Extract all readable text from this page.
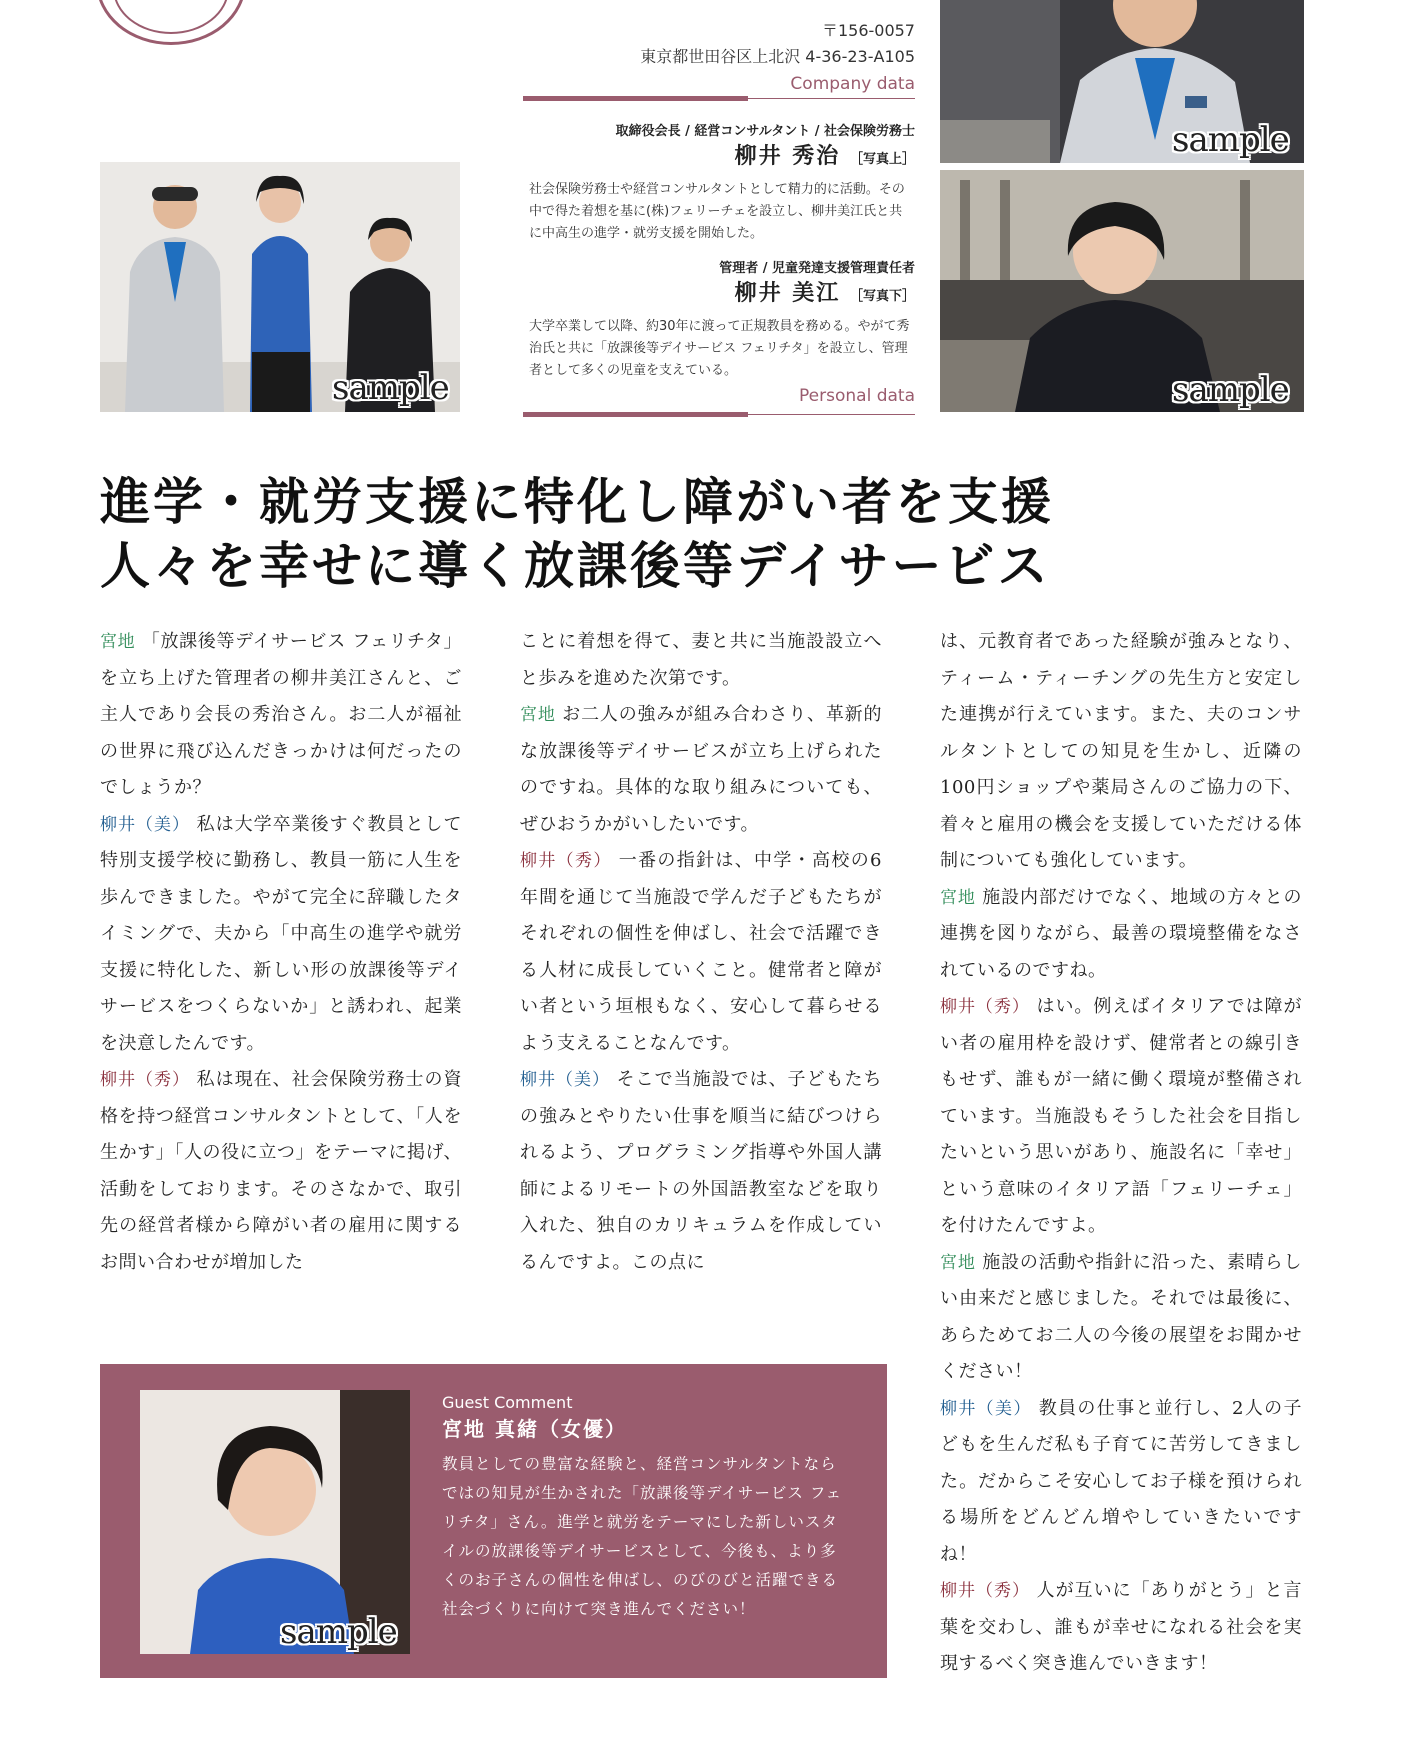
sample
〒156-0057
東京都世田谷区上北沢 4-36-23-A105
Company data
取締役会長 / 経営コンサルタント / 社会保険労務士
柳井 秀治 ［写真上］
社会保険労務士や経営コンサルタントとして精力的に活動。その中で得た着想を基に(株)フェリーチェを設立し、柳井美江氏と共に中高生の進学・就労支援を開始した。
管理者 / 児童発達支援管理責任者
柳井 美江 ［写真下］
大学卒業して以降、約30年に渡って正規教員を務める。やがて秀治氏と共に「放課後等デイサービス フェリチタ」を設立し、管理者として多くの児童を支えている。
Personal data
sample
sample
進学・就労支援に特化し障がい者を支援
人々を幸せに導く放課後等デイサービス
宮地 「放課後等デイサービス フェリチタ」を立ち上げた管理者の柳井美江さんと、ご主人であり会長の秀治さん。お二人が福祉の世界に飛び込んだきっかけは何だったのでしょうか？
柳井（美） 私は大学卒業後すぐ教員として特別支援学校に勤務し、教員一筋に人生を歩んできました。やがて完全に辞職したタイミングで、夫から「中高生の進学や就労支援に特化した、新しい形の放課後等デイサービスをつくらないか」と誘われ、起業を決意したんです。
柳井（秀） 私は現在、社会保険労務士の資格を持つ経営コンサルタントとして、「人を生かす」「人の役に立つ」をテーマに掲げ、活動をしております。そのさなかで、取引先の経営者様から障がい者の雇用に関するお問い合わせが増加した
ことに着想を得て、妻と共に当施設設立へと歩みを進めた次第です。
宮地 お二人の強みが組み合わさり、革新的な放課後等デイサービスが立ち上げられたのですね。具体的な取り組みについても、ぜひおうかがいしたいです。
柳井（秀） 一番の指針は、中学・高校の6年間を通じて当施設で学んだ子どもたちがそれぞれの個性を伸ばし、社会で活躍できる人材に成長していくこと。健常者と障がい者という垣根もなく、安心して暮らせるよう支えることなんです。
柳井（美） そこで当施設では、子どもたちの強みとやりたい仕事を順当に結びつけられるよう、プログラミング指導や外国人講師によるリモートの外国語教室などを取り入れた、独自のカリキュラムを作成しているんですよ。この点に
は、元教育者であった経験が強みとなり、ティーム・ティーチングの先生方と安定した連携が行えています。また、夫のコンサルタントとしての知見を生かし、近隣の100円ショップや薬局さんのご協力の下、着々と雇用の機会を支援していただける体制についても強化しています。
宮地 施設内部だけでなく、地域の方々との連携を図りながら、最善の環境整備をなされているのですね。
柳井（秀） はい。例えばイタリアでは障がい者の雇用枠を設けず、健常者との線引きもせず、誰もが一緒に働く環境が整備されています。当施設もそうした社会を目指したいという思いがあり、施設名に「幸せ」という意味のイタリア語「フェリーチェ」を付けたんですよ。
宮地 施設の活動や指針に沿った、素晴らしい由来だと感じました。それでは最後に、あらためてお二人の今後の展望をお聞かせください！
柳井（美） 教員の仕事と並行し、2人の子どもを生んだ私も子育てに苦労してきました。だからこそ安心してお子様を預けられる場所をどんどん増やしていきたいですね！
柳井（秀） 人が互いに「ありがとう」と言葉を交わし、誰もが幸せになれる社会を実現するべく突き進んでいきます！
sample
Guest Comment
宮地 真緒（女優）
教員としての豊富な経験と、経営コンサルタントならではの知見が生かされた「放課後等デイサービス フェリチタ」さん。進学と就労をテーマにした新しいスタイルの放課後等デイサービスとして、今後も、より多くのお子さんの個性を伸ばし、のびのびと活躍できる社会づくりに向けて突き進んでください！
